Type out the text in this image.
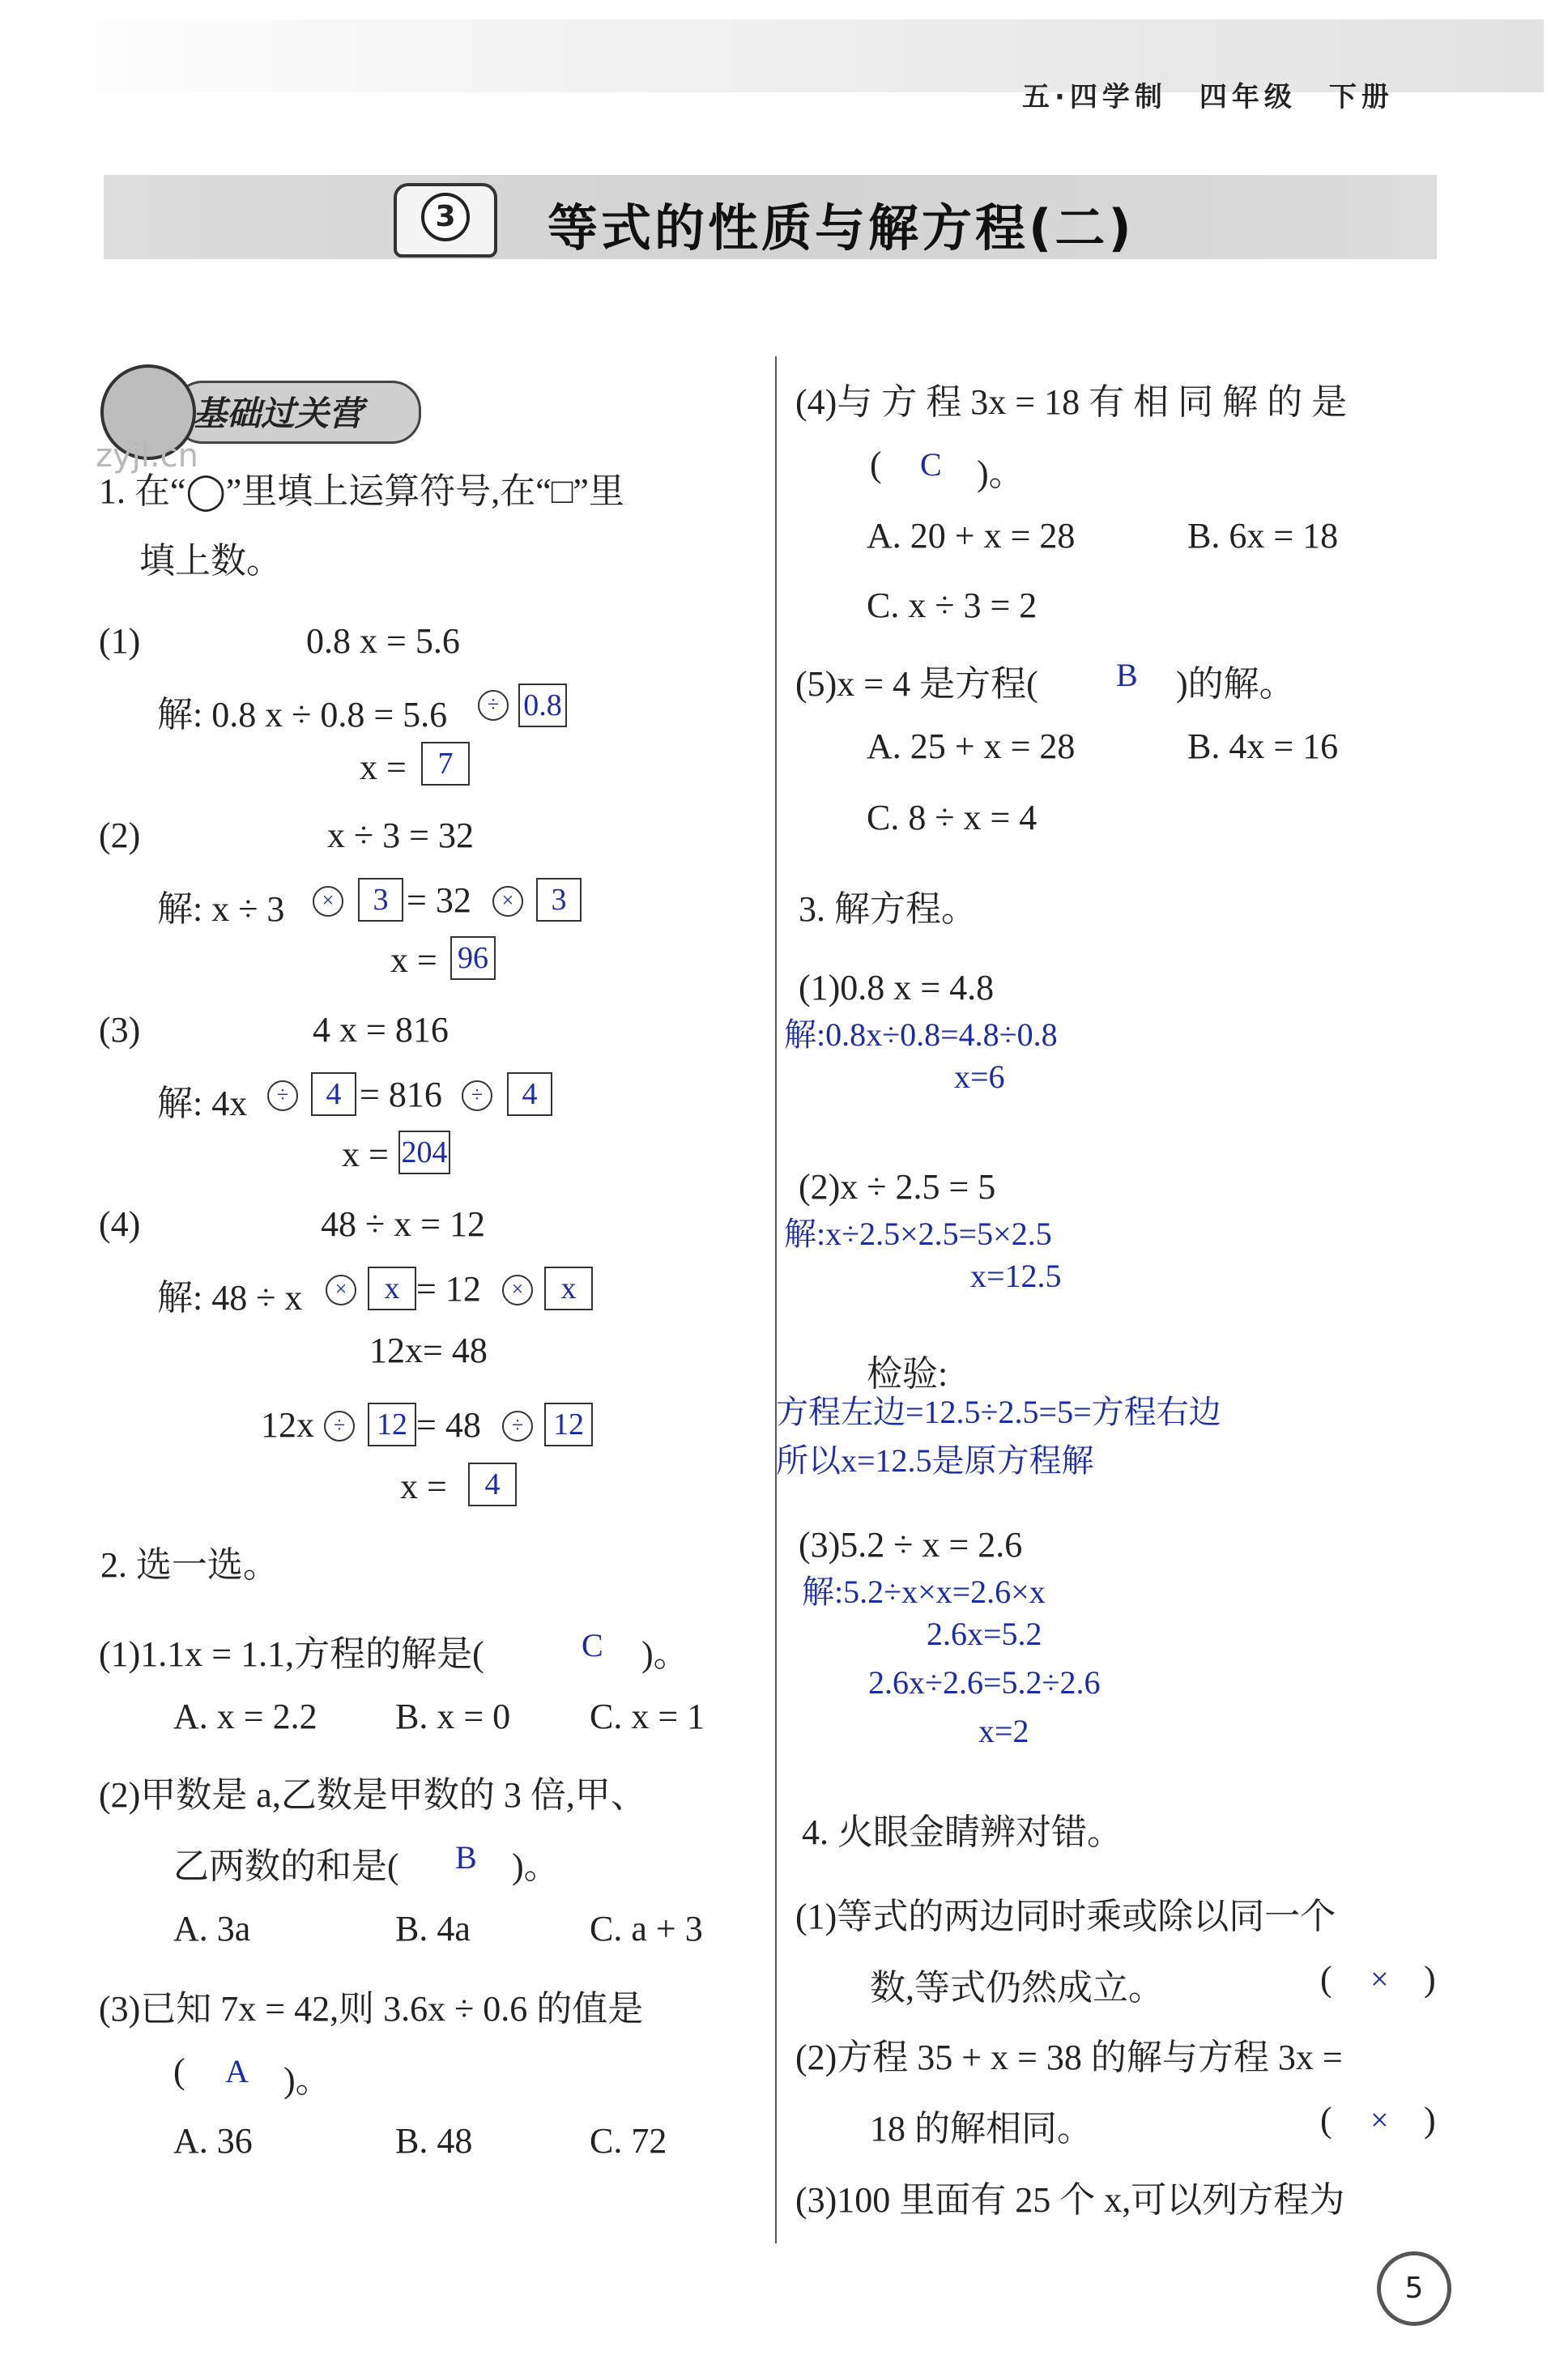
五·四学制　四年级　下册
3 等式的性质与解方程(二)
基础过关营
zyjl.cn
1. 在“◯”里填上运算符号,在“□”里
填上数。
(1)	0.8 x = 5.6
解: 0.8 x ÷ 0.8 = 5.6	÷ 0.8
x =	7
(2)	x ÷ 3 = 32
解: x ÷ 3	×	3 = 32	×	3
x = 96
(3)	4 x = 816
解: 4x	÷	4 = 816	÷	4
x = 204
(4)	48 ÷ x = 12
解: 48 ÷ x	×	x = 12	×	x
12x= 48
12x ÷	12 = 48	÷ 12
x =	4
2. 选一选。
(1)1.1x = 1.1,方程的解是(	C )。
A. x = 2.2 B. x = 0 C. x = 1
(2)甲数是 a,乙数是甲数的 3 倍,甲、
乙两数的和是( B )。
A. 3a	B. 4a	C. a + 3
(3)已知 7x = 42,则 3.6x ÷ 0.6 的值是
( A )。
A. 36	B. 48	C. 72
(4)与 方 程 3x = 18 有 相 同 解 的 是
( C )。
A. 20 + x = 28	B. 6x = 18
C. x ÷ 3 = 2
(5)x = 4 是方程( B )的解。
A. 25 + x = 28	B. 4x = 16
C. 8 ÷ x = 4
3. 解方程。
(1)0.8 x = 4.8
解:0.8x÷0.8=4.8÷0.8
x=6
(2)x ÷ 2.5 = 5
解:x÷2.5×2.5=5×2.5
x=12.5
检验:
方程左边=12.5÷2.5=5=方程右边
所以x=12.5是原方程解
(3)5.2 ÷ x = 2.6
解:5.2÷x×x=2.6×x
2.6x=5.2
2.6x÷2.6=5.2÷2.6
x=2
4. 火眼金睛辨对错。
(1)等式的两边同时乘或除以同一个
数,等式仍然成立。	( × )
(2)方程 35 + x = 38 的解与方程 3x =
18 的解相同。	( × )
(3)100 里面有 25 个 x,可以列方程为
5
